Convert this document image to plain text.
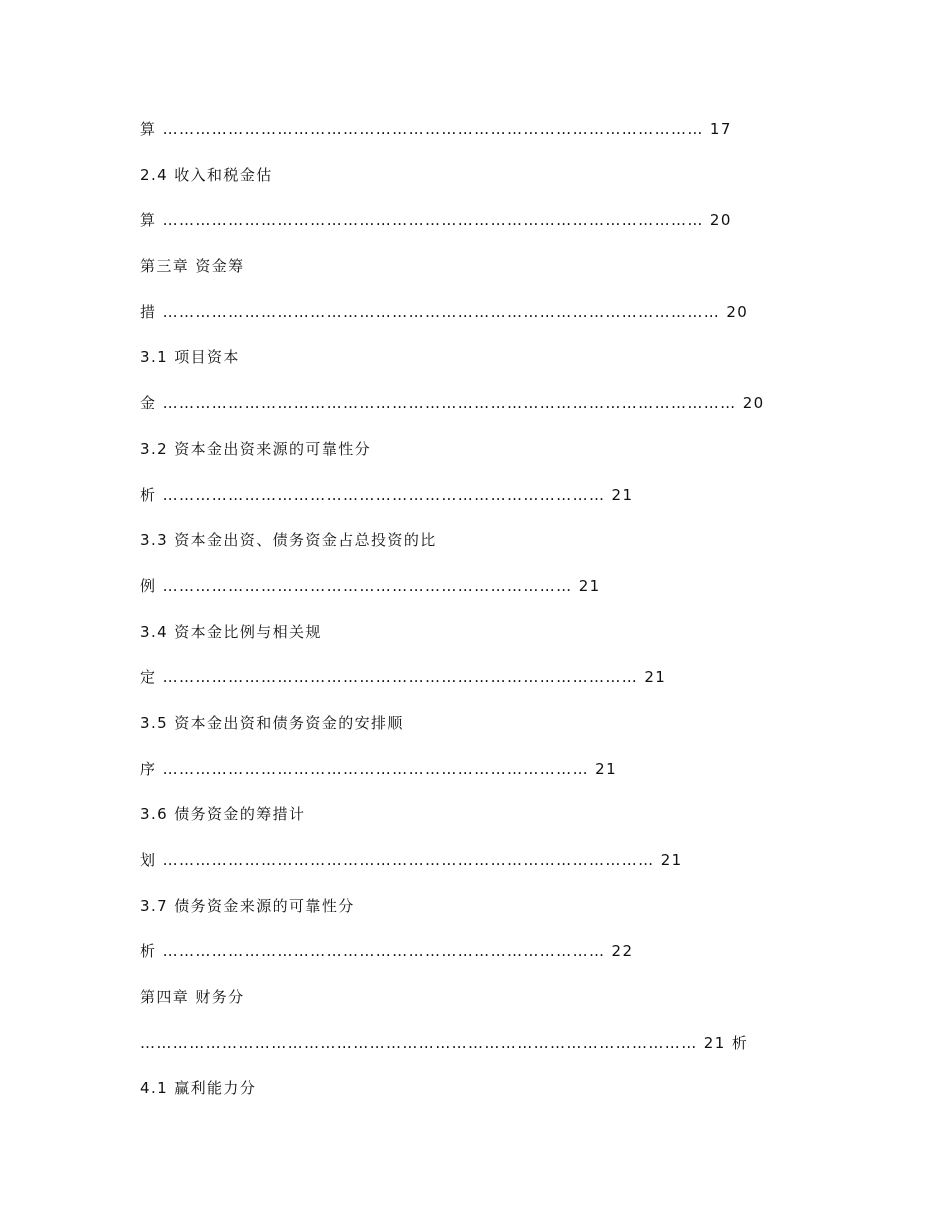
算 ……………………………………………………………………………………… 17
2.4 收入和税金估
算 ……………………………………………………………………………………… 20
第三章 资金筹
措 ………………………………………………………………………………………… 20
3.1 项目资本
金 …………………………………………………………………………………………… 20
3.2 资本金出资来源的可靠性分
析 ……………………………………………………………………… 21
3.3 资本金出资、债务资金占总投资的比
例 ………………………………………………………………… 21
3.4 资本金比例与相关规
定 …………………………………………………………………………… 21
3.5 资本金出资和债务资金的安排顺
序 …………………………………………………………………… 21
3.6 债务资金的筹措计
划 ……………………………………………………………………………… 21
3.7 债务资金来源的可靠性分
析 ……………………………………………………………………… 22
第四章 财务分
………………………………………………………………………………………… 21 析
4.1 赢利能力分
